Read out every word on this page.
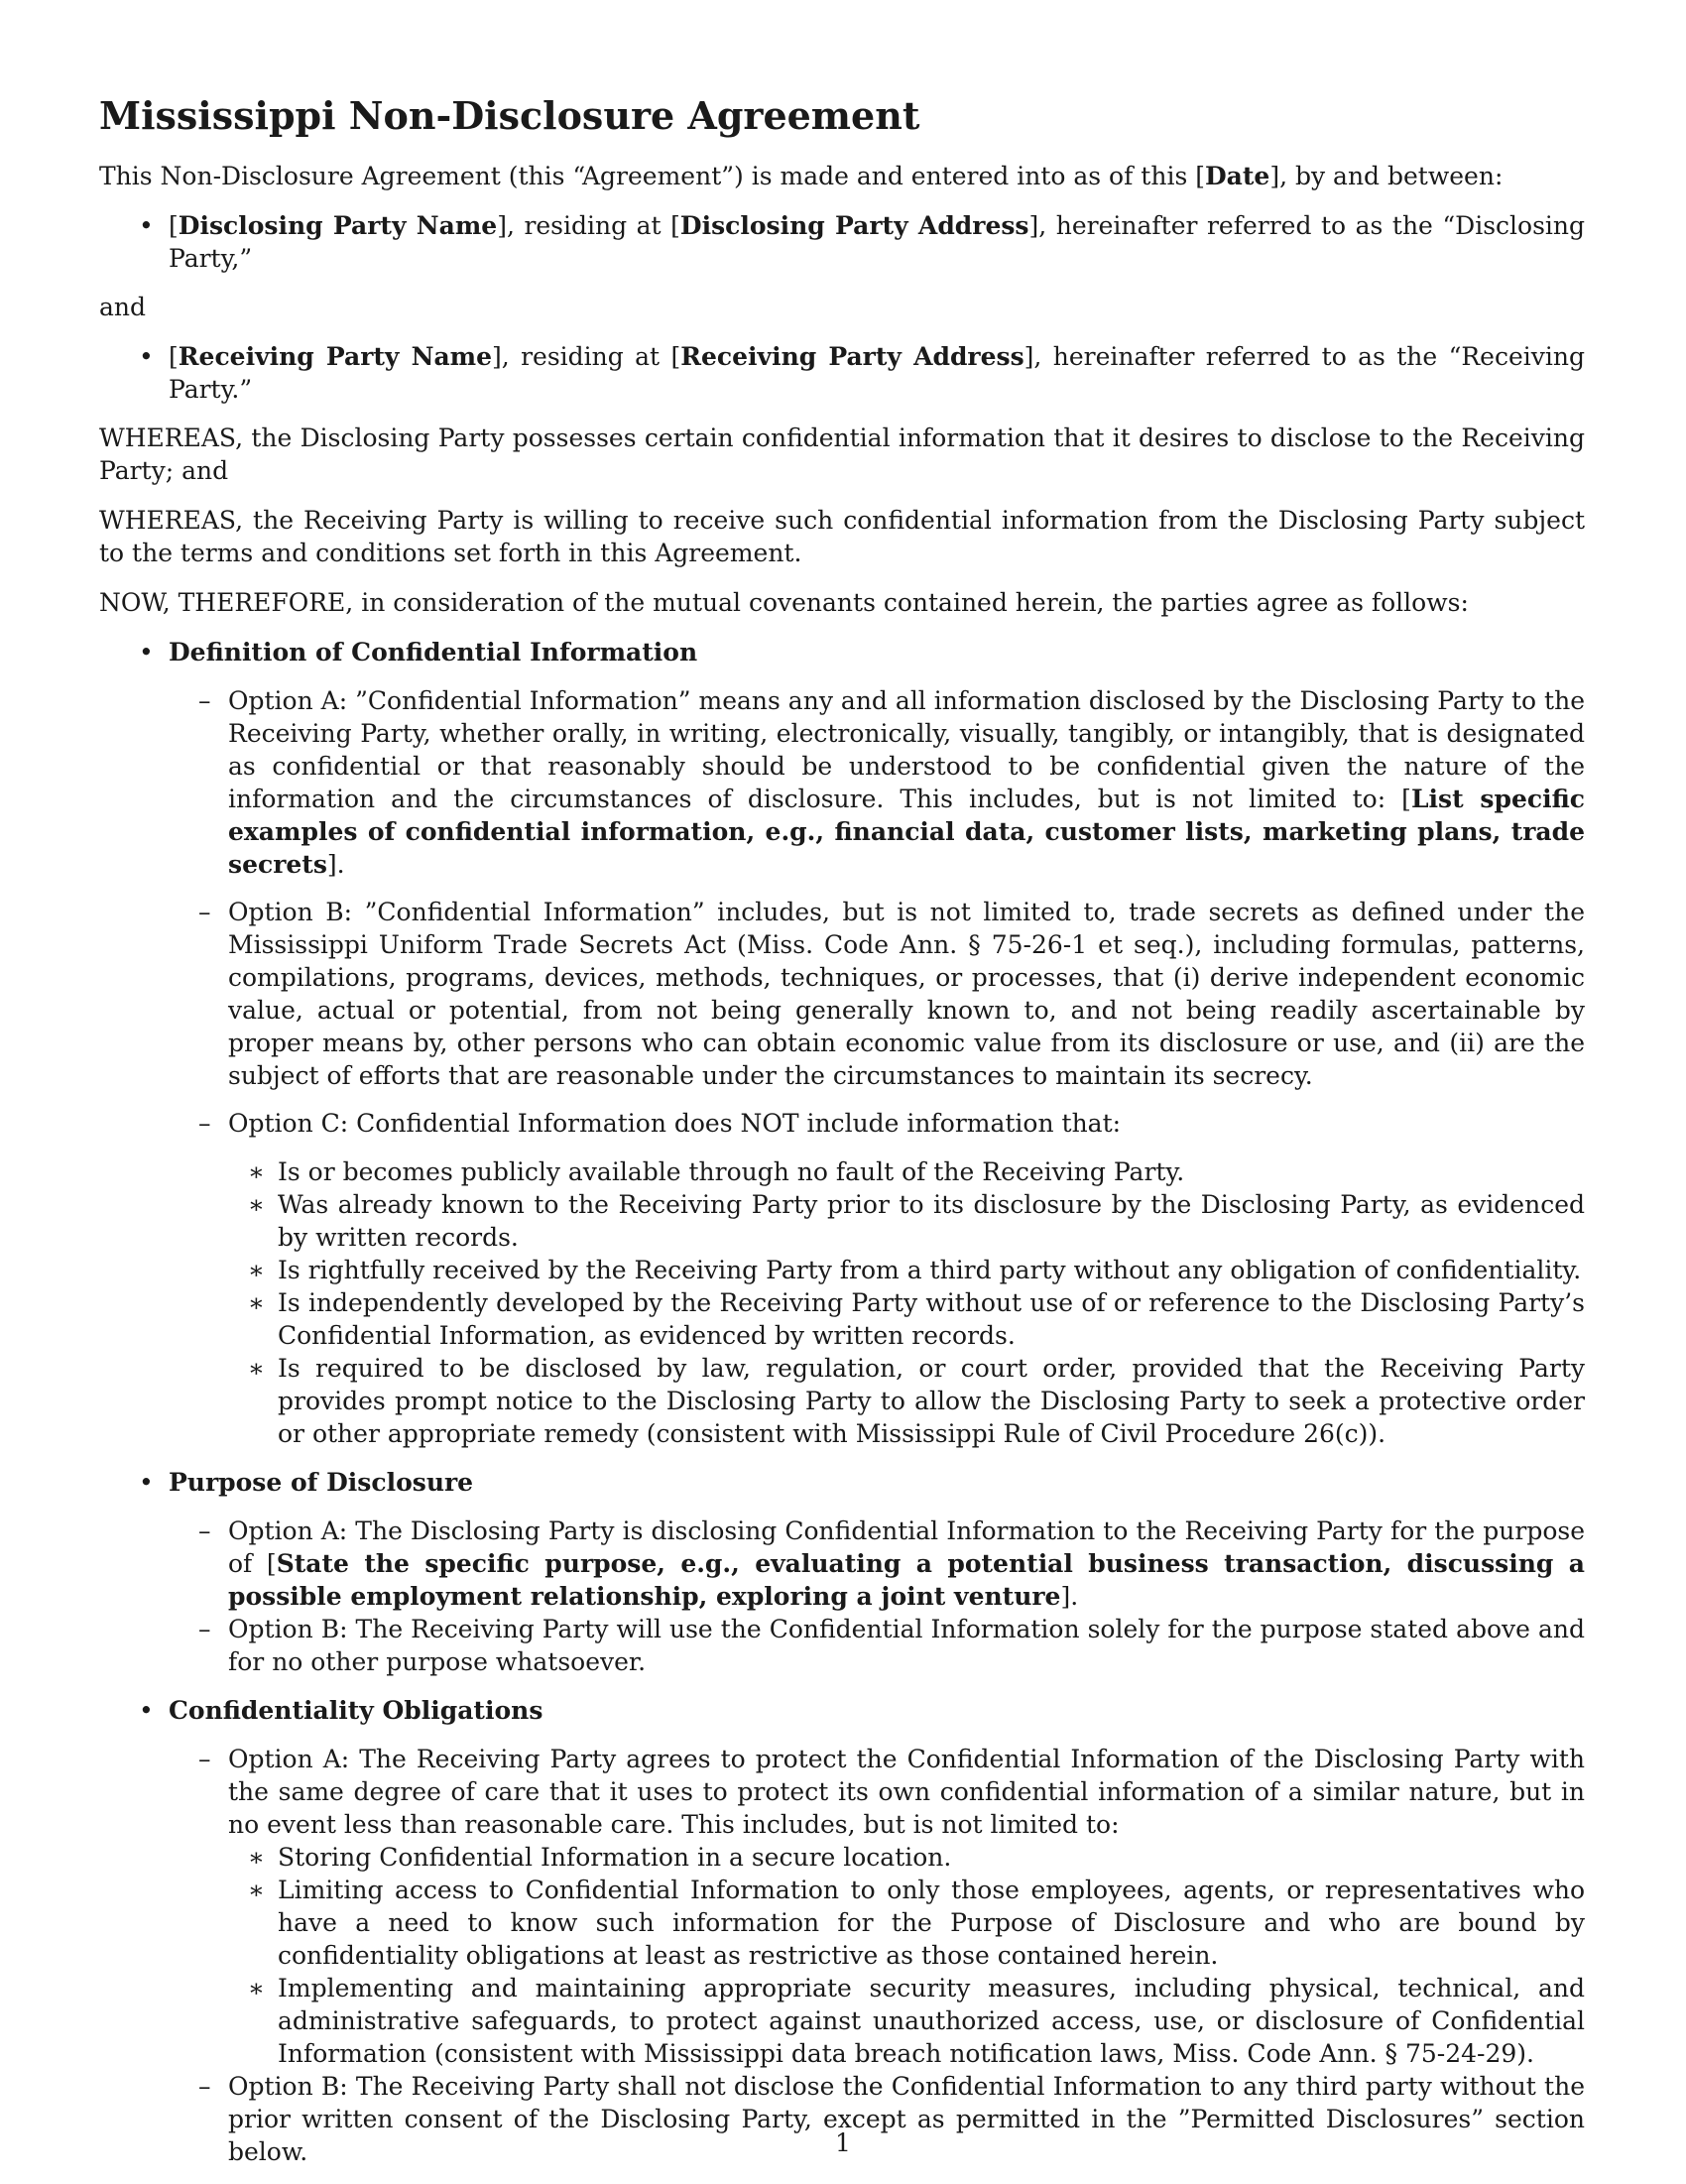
Mississippi Non-Disclosure Agreement

This Non-Disclosure Agreement (this “Agreement”) is made and entered into as of this [Date], by and between:

• [Disclosing Party Name], residing at [Disclosing Party Address], hereinafter referred to as the “Disclosing Party,”

and

• [Receiving Party Name], residing at [Receiving Party Address], hereinafter referred to as the “Receiving Party.”

WHEREAS, the Disclosing Party possesses certain confidential information that it desires to disclose to the Receiving Party; and

WHEREAS, the Receiving Party is willing to receive such confidential information from the Disclosing Party subject to the terms and conditions set forth in this Agreement.

NOW, THEREFORE, in consideration of the mutual covenants contained herein, the parties agree as follows:

• Definition of Confidential Information
– Option A: ”Confidential Information” means any and all information disclosed by the Disclosing Party to the Receiving Party, whether orally, in writing, electronically, visually, tangibly, or intangibly, that is designated as confidential or that reasonably should be understood to be confidential given the nature of the information and the circumstances of disclosure. This includes, but is not limited to: [List specific examples of confidential information, e.g., financial data, customer lists, marketing plans, trade secrets].
– Option B: ”Confidential Information” includes, but is not limited to, trade secrets as defined under the Mississippi Uniform Trade Secrets Act (Miss. Code Ann. § 75-26-1 et seq.), including formulas, patterns, compilations, programs, devices, methods, techniques, or processes, that (i) derive independent economic value, actual or potential, from not being generally known to, and not being readily ascertainable by proper means by, other persons who can obtain economic value from its disclosure or use, and (ii) are the subject of efforts that are reasonable under the circumstances to maintain its secrecy.
– Option C: Confidential Information does NOT include information that:
∗ Is or becomes publicly available through no fault of the Receiving Party.
∗ Was already known to the Receiving Party prior to its disclosure by the Disclosing Party, as evidenced by written records.
∗ Is rightfully received by the Receiving Party from a third party without any obligation of confidentiality.
∗ Is independently developed by the Receiving Party without use of or reference to the Disclosing Party’s Confidential Information, as evidenced by written records.
∗ Is required to be disclosed by law, regulation, or court order, provided that the Receiving Party provides prompt notice to the Disclosing Party to allow the Disclosing Party to seek a protective order or other appropriate remedy (consistent with Mississippi Rule of Civil Procedure 26(c)).
• Purpose of Disclosure
– Option A: The Disclosing Party is disclosing Confidential Information to the Receiving Party for the purpose of [State the specific purpose, e.g., evaluating a potential business transaction, discussing a possible employment relationship, exploring a joint venture].
– Option B: The Receiving Party will use the Confidential Information solely for the purpose stated above and for no other purpose whatsoever.
• Confidentiality Obligations
– Option A: The Receiving Party agrees to protect the Confidential Information of the Disclosing Party with the same degree of care that it uses to protect its own confidential information of a similar nature, but in no event less than reasonable care. This includes, but is not limited to:
∗ Storing Confidential Information in a secure location.
∗ Limiting access to Confidential Information to only those employees, agents, or representatives who have a need to know such information for the Purpose of Disclosure and who are bound by confidentiality obligations at least as restrictive as those contained herein.
∗ Implementing and maintaining appropriate security measures, including physical, technical, and administrative safeguards, to protect against unauthorized access, use, or disclosure of Confidential Information (consistent with Mississippi data breach notification laws, Miss. Code Ann. § 75-24-29).
– Option B: The Receiving Party shall not disclose the Confidential Information to any third party without the prior written consent of the Disclosing Party, except as permitted in the ”Permitted Disclosures” section below.	1
